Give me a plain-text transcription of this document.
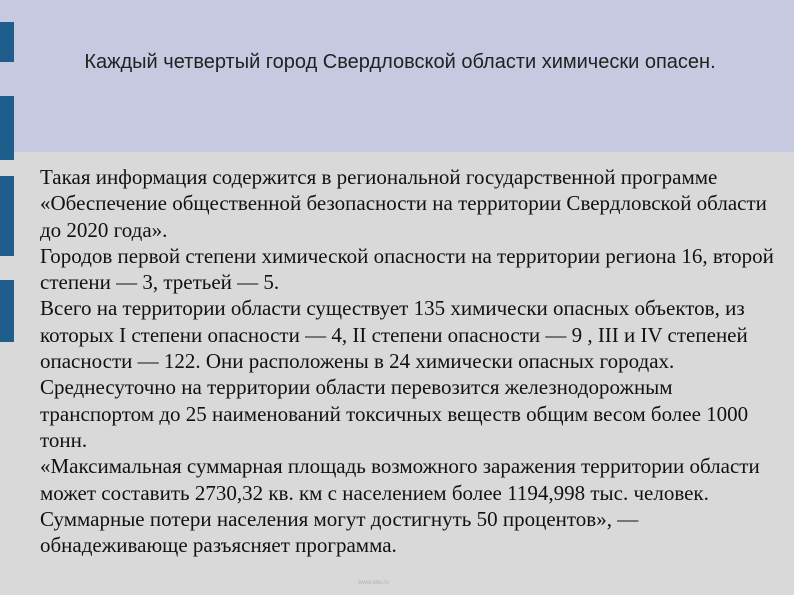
Каждый четвертый город Свердловской области химически опасен.

Такая информация содержится в региональной государственной программе «Обеспечение общественной безопасности на территории Свердловской области до 2020 года».

Городов первой степени химической опасности на территории региона 16, второй степени — 3, третьей — 5.

Всего на территории области существует 135 химически опасных объектов, из которых I степени опасности — 4, II степени опасности — 9 , III и IV степеней опасности — 122. Они расположены в 24 химически опасных городах. Среднесуточно на территории области перевозится железнодорожным транспортом до 25 наименований токсичных веществ общим весом более 1000 тонн.

«Максимальная суммарная площадь возможного заражения территории области может составить 2730,32 кв. км с населением более 1194,998 тыс. человек. Суммарные потери населения могут достигнуть 50 процентов», — обнадеживающе разъясняет программа.

www.site.ru
